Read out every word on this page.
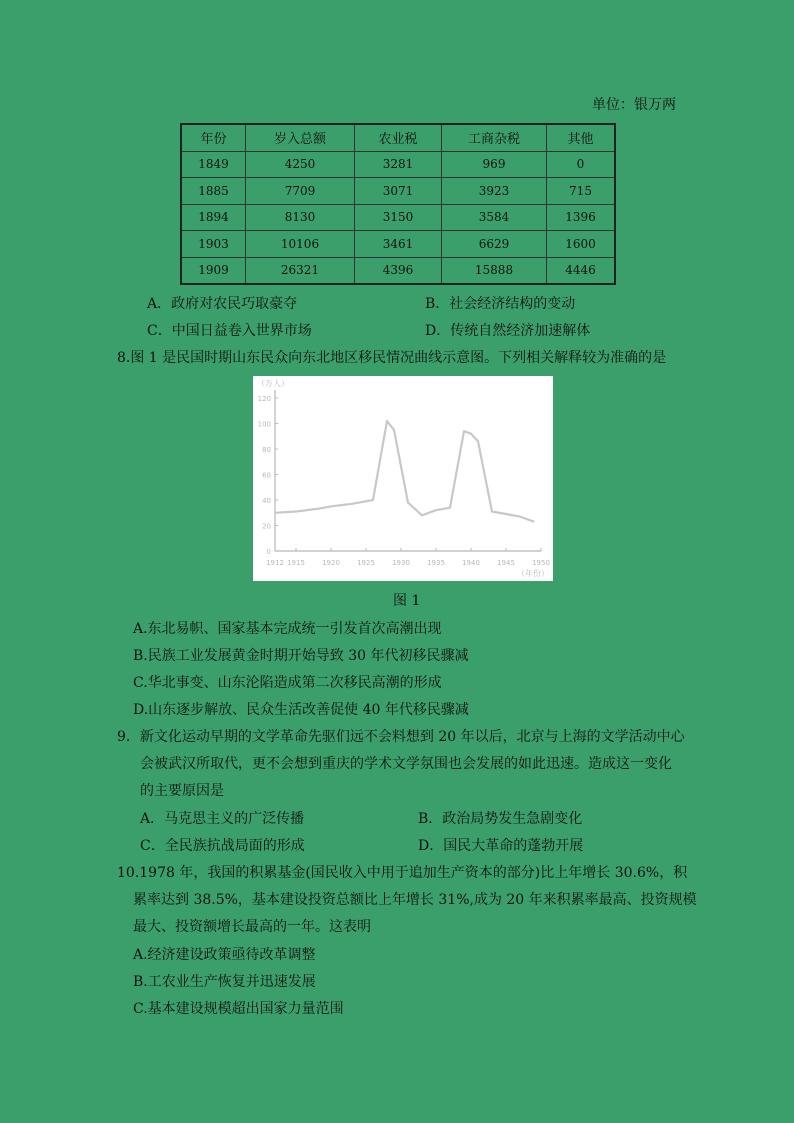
单位：银万两
年份	岁入总额	农业税	工商杂税	其他
1849	4250	3281	969	0
1885	7709	3071	3923	715
1894	8130	3150	3584	1396
1903	10106	3461	6629	1600
1909	26321	4396	15888	4446
A．政府对农民巧取豪夺	B．社会经济结构的变动
C．中国日益卷入世界市场	D．传统自然经济加速解体
8.图 1 是民国时期山东民众向东北地区移民情况曲线示意图。下列相关解释较为准确的是
（万人）
120
100
80
60
40
20
0
1912 1915 1920 1925 1930 1935 1940 1945 1950
（年份）
图 1
A.东北易帜、国家基本完成统一引发首次高潮出现
B.民族工业发展黄金时期开始导致 30 年代初移民骤减
C.华北事变、山东沦陷造成第二次移民高潮的形成
D.山东逐步解放、民众生活改善促使 40 年代移民骤减
9．新文化运动早期的文学革命先驱们远不会料想到 20 年以后，北京与上海的文学活动中心
会被武汉所取代，更不会想到重庆的学术文学氛围也会发展的如此迅速。造成这一变化
的主要原因是
A．马克思主义的广泛传播	B．政治局势发生急剧变化
C．全民族抗战局面的形成	D．国民大革命的蓬勃开展
10.1978 年，我国的积累基金(国民收入中用于追加生产资本的部分)比上年增长 30.6%，积
累率达到 38.5%，基本建设投资总额比上年增长 31%,成为 20 年来积累率最高、投资规模
最大、投资额增长最高的一年。这表明
A.经济建设政策亟待改革调整
B.工农业生产恢复并迅速发展
C.基本建设规模超出国家力量范围
